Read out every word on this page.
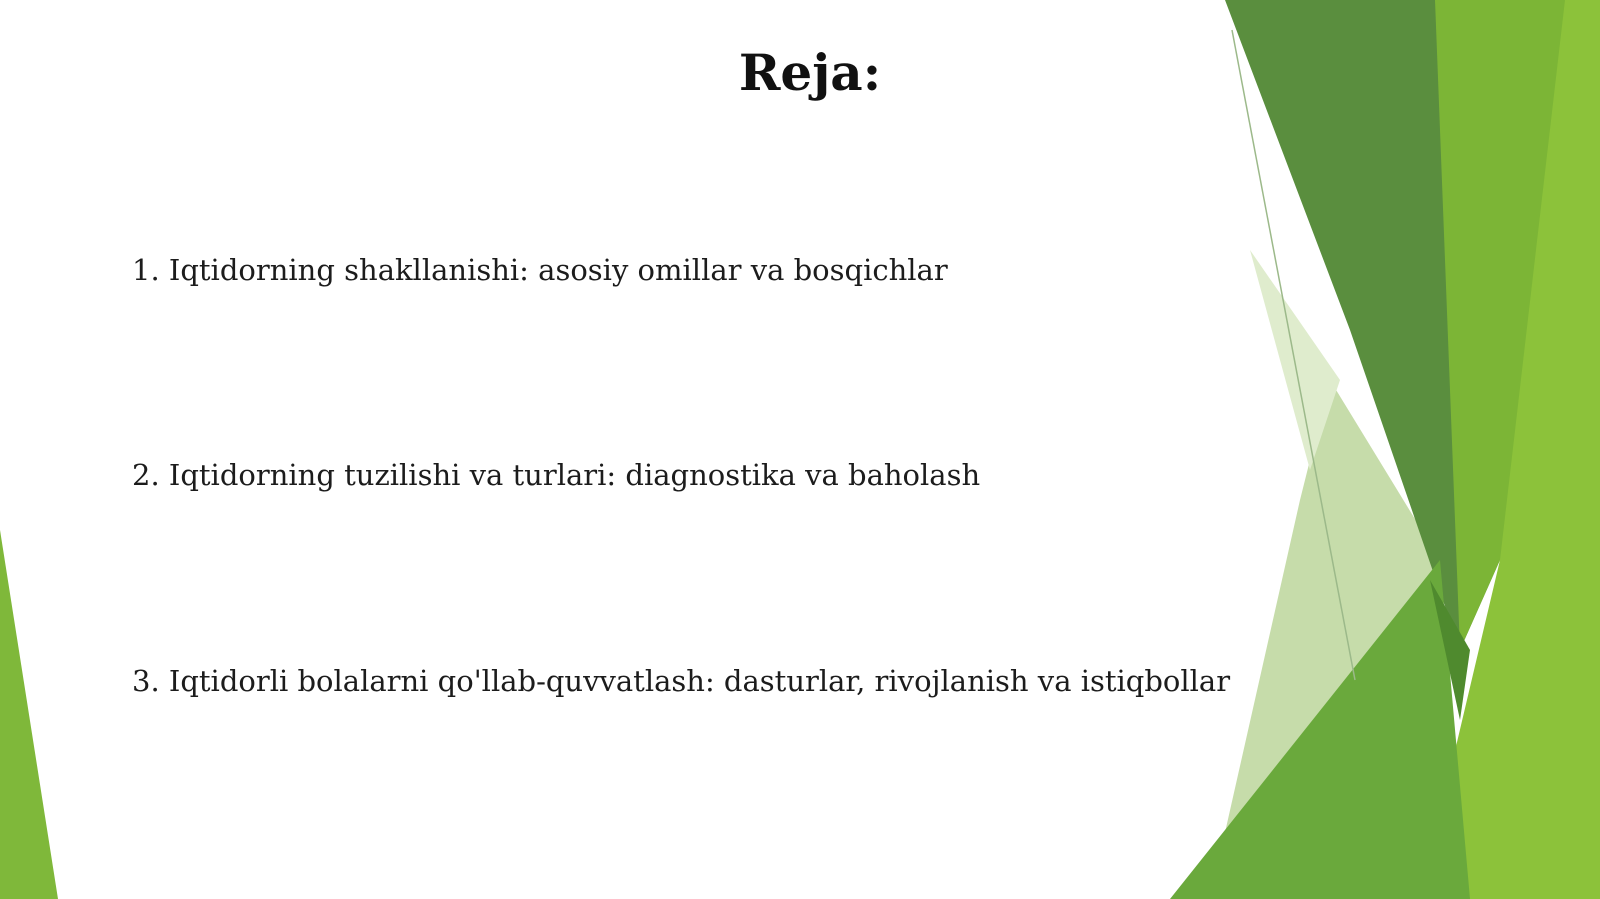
Reja:
1. Iqtidorning shakllanishi: asosiy omillar va bosqichlar
2. Iqtidorning tuzilishi va turlari: diagnostika va baholash
3. Iqtidorli bolalarni qo'llab-quvvatlash: dasturlar, rivojlanish va istiqbollar
